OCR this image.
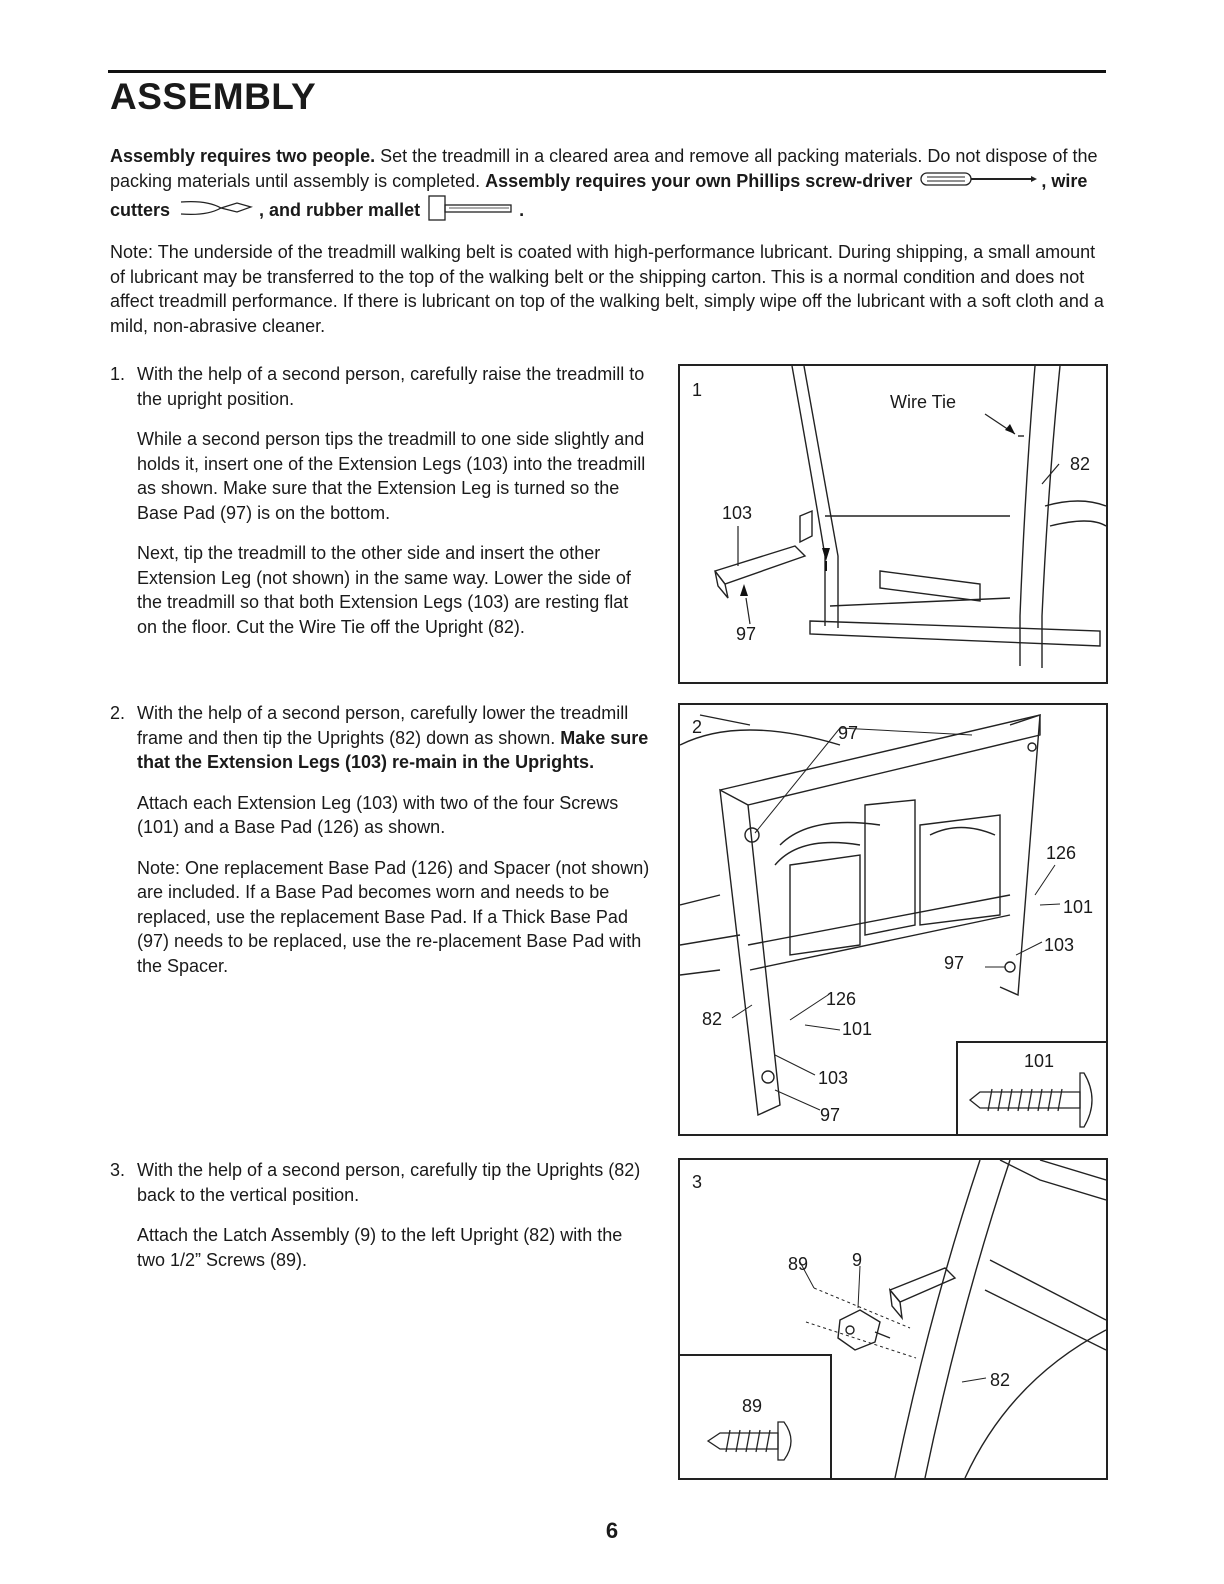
ASSEMBLY
Assembly requires two people. Set the treadmill in a cleared area and remove all packing materials. Do not dispose of the packing materials until assembly is completed. Assembly requires your own Phillips screw-driver	, wire cutters	, and rubber mallet	.
Note: The underside of the treadmill walking belt is coated with high-performance lubricant. During shipping, a small amount of lubricant may be transferred to the top of the walking belt or the shipping carton. This is a normal condition and does not affect treadmill performance. If there is lubricant on top of the walking belt, simply wipe off the lubricant with a soft cloth and a mild, non-abrasive cleaner.
1. With the help of a second person, carefully raise the treadmill to the upright position.

While a second person tips the treadmill to one side slightly and holds it, insert one of the Extension Legs (103) into the treadmill as shown. Make sure that the Extension Leg is turned so the Base Pad (97) is on the bottom.

Next, tip the treadmill to the other side and insert the other Extension Leg (not shown) in the same way. Lower the side of the treadmill so that both Extension Legs (103) are resting flat on the floor. Cut the Wire Tie off the Upright (82).

2. With the help of a second person, carefully lower the treadmill frame and then tip the Uprights (82) down as shown. Make sure that the Extension Legs (103) re-main in the Uprights.

Attach each Extension Leg (103) with two of the four Screws (101) and a Base Pad (126) as shown.

Note: One replacement Base Pad (126) and Spacer (not shown) are included. If a Base Pad becomes worn and needs to be replaced, use the replacement Base Pad. If a Thick Base Pad (97) needs to be replaced, use the re-placement Base Pad with the Spacer.

3. With the help of a second person, carefully tip the Uprights (82) back to the vertical position.

Attach the Latch Assembly (9) to the left Upright (82) with the two 1/2” Screws (89).

1
Wire Tie
82
103
97
2	97
126
101
103
97
82
126
101
103
97
101
3
89 9
82
89
6
